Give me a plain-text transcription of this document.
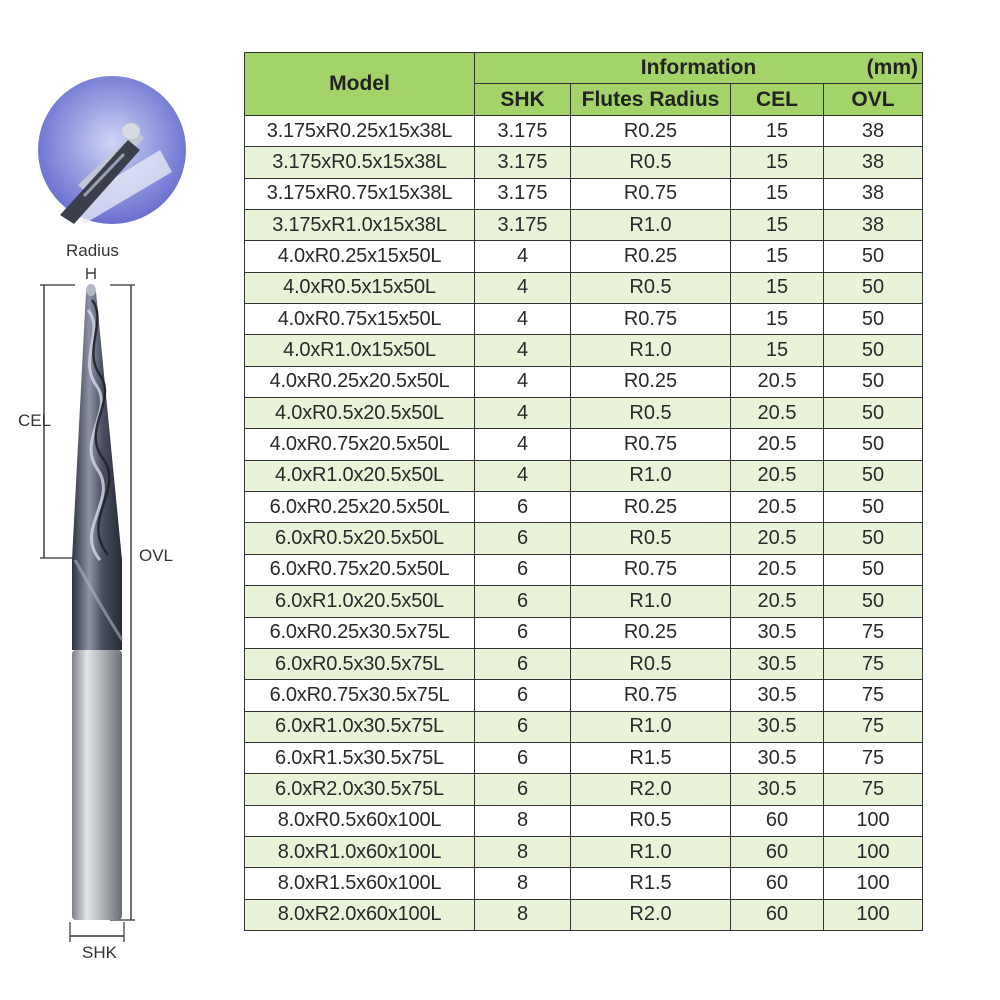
Radius
CEL
OVL
SHK
Model	Information (mm)			

	SHK	Flutes Radius	CEL	OVL
3.175xR0.25x15x38L	3.175	R0.25	15	38
3.175xR0.5x15x38L	3.175	R0.5	15	38
3.175xR0.75x15x38L	3.175	R0.75	15	38
3.175xR1.0x15x38L	3.175	R1.0	15	38
4.0xR0.25x15x50L	4	R0.25	15	50
4.0xR0.5x15x50L	4	R0.5	15	50
4.0xR0.75x15x50L	4	R0.75	15	50
4.0xR1.0x15x50L	4	R1.0	15	50
4.0xR0.25x20.5x50L	4	R0.25	20.5	50
4.0xR0.5x20.5x50L	4	R0.5	20.5	50
4.0xR0.75x20.5x50L	4	R0.75	20.5	50
4.0xR1.0x20.5x50L	4	R1.0	20.5	50
6.0xR0.25x20.5x50L	6	R0.25	20.5	50
6.0xR0.5x20.5x50L	6	R0.5	20.5	50
6.0xR0.75x20.5x50L	6	R0.75	20.5	50
6.0xR1.0x20.5x50L	6	R1.0	20.5	50
6.0xR0.25x30.5x75L	6	R0.25	30.5	75
6.0xR0.5x30.5x75L	6	R0.5	30.5	75
6.0xR0.75x30.5x75L	6	R0.75	30.5	75
6.0xR1.0x30.5x75L	6	R1.0	30.5	75
6.0xR1.5x30.5x75L	6	R1.5	30.5	75
6.0xR2.0x30.5x75L	6	R2.0	30.5	75
8.0xR0.5x60x100L	8	R0.5	60	100
8.0xR1.0x60x100L	8	R1.0	60	100
8.0xR1.5x60x100L	8	R1.5	60	100
8.0xR2.0x60x100L	8	R2.0	60	100
